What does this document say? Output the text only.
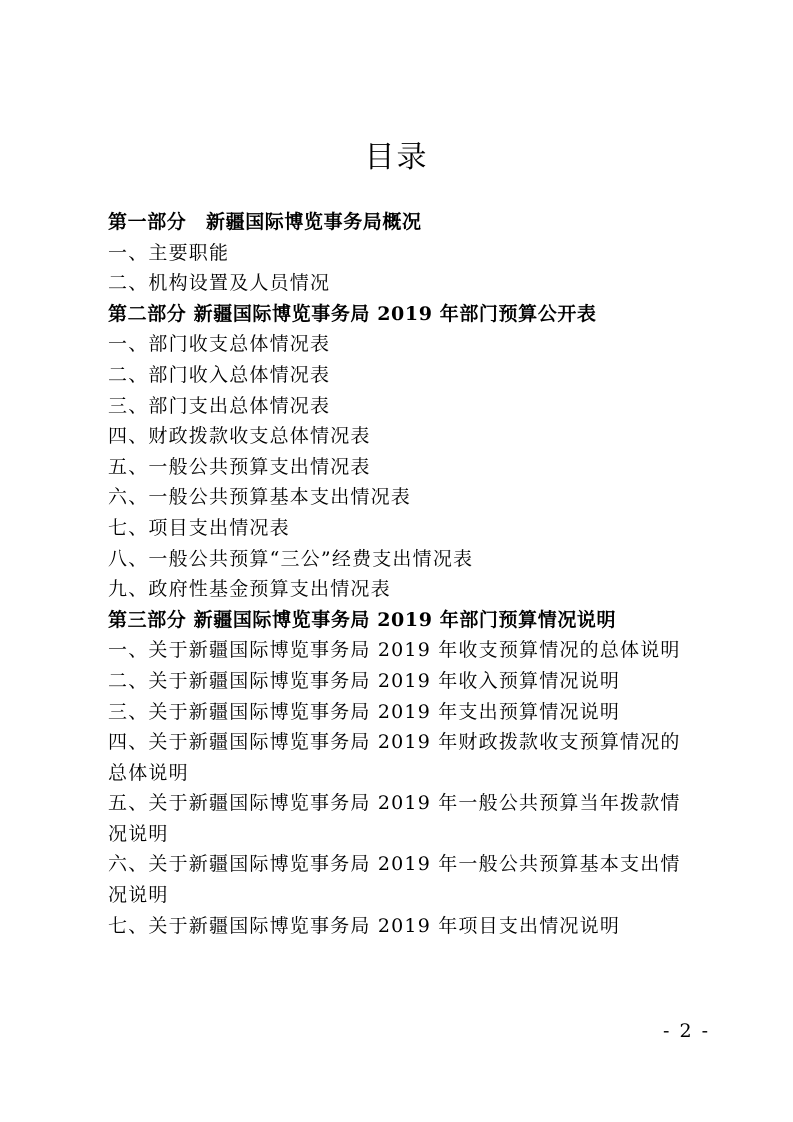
目录
第一部分　新疆国际博览事务局概况
一、主要职能
二、机构设置及人员情况
第二部分 新疆国际博览事务局 2019 年部门预算公开表
一、部门收支总体情况表
二、部门收入总体情况表
三、部门支出总体情况表
四、财政拨款收支总体情况表
五、一般公共预算支出情况表
六、一般公共预算基本支出情况表
七、项目支出情况表
八、一般公共预算“三公”经费支出情况表
九、政府性基金预算支出情况表
第三部分 新疆国际博览事务局 2019 年部门预算情况说明
一、关于新疆国际博览事务局 2019 年收支预算情况的总体说明
二、关于新疆国际博览事务局 2019 年收入预算情况说明
三、关于新疆国际博览事务局 2019 年支出预算情况说明
四、关于新疆国际博览事务局 2019 年财政拨款收支预算情况的总体说明
五、关于新疆国际博览事务局 2019 年一般公共预算当年拨款情况说明
六、关于新疆国际博览事务局 2019 年一般公共预算基本支出情况说明
七、关于新疆国际博览事务局 2019 年项目支出情况说明
- 2 -
